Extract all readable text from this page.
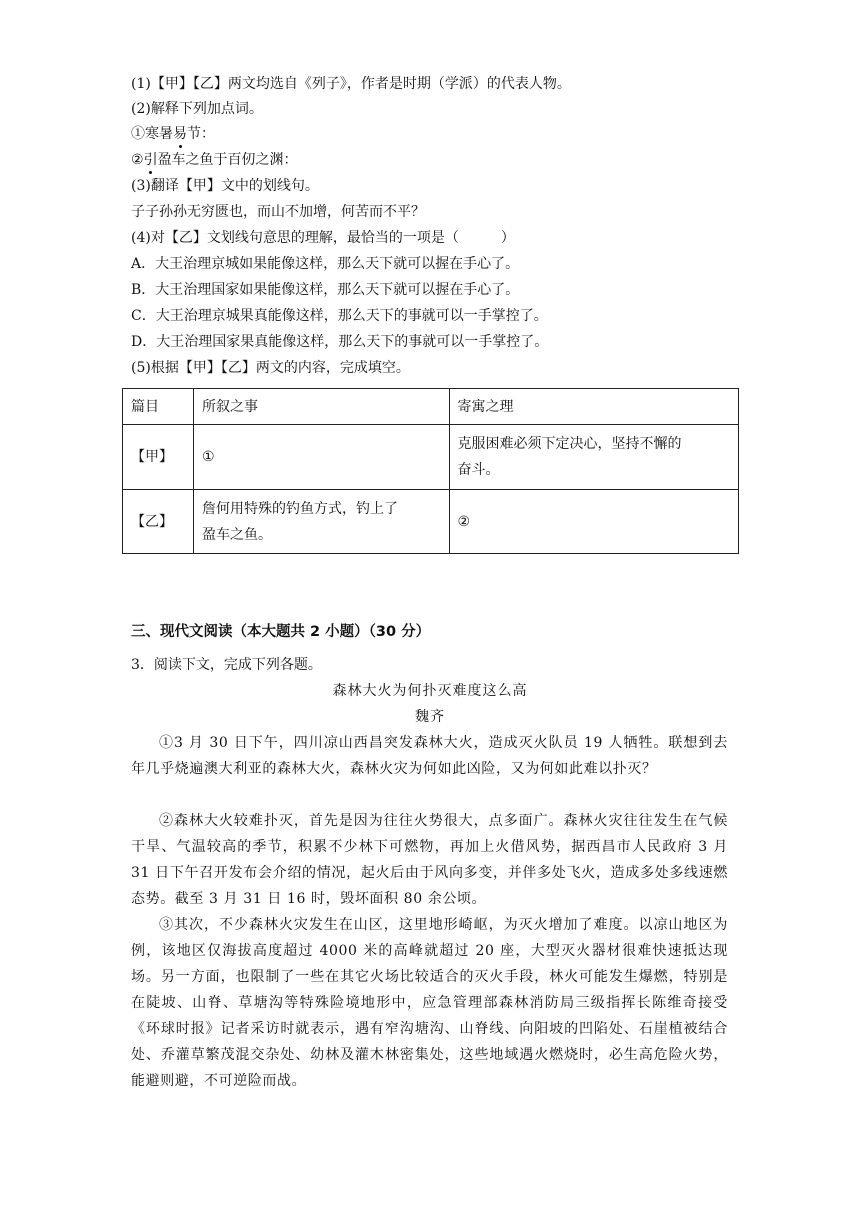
(1)【甲】【乙】两文均选自《列子》，作者是时期（学派）的代表人物。
(2)解释下列加点词。
①寒暑易节：
②引盈车之鱼于百仞之渊：
(3)翻译【甲】文中的划线句。
子子孙孙无穷匮也，而山不加增，何苦而不平？
(4)对【乙】文划线句意思的理解，最恰当的一项是（　　　）
A．大王治理京城如果能像这样，那么天下就可以握在手心了。
B．大王治理国家如果能像这样，那么天下就可以握在手心了。
C．大王治理京城果真能像这样，那么天下的事就可以一手掌控了。
D．大王治理国家果真能像这样，那么天下的事就可以一手掌控了。
(5)根据【甲】【乙】两文的内容，完成填空。
篇目	所叙之事	寄寓之理
【甲】	①	克服困难必须下定决心，坚持不懈的
奋斗。

【乙】	詹何用特殊的钓鱼方式，钓上了
盈车之鱼。	②
三、现代文阅读（本大题共 2 小题）（30 分）
3．阅读下文，完成下列各题。
森林大火为何扑灭难度这么高
魏齐
①3 月 30 日下午，四川凉山西昌突发森林大火，造成灭火队员 19 人牺牲。联想到去年几乎烧遍澳大利亚的森林大火，森林火灾为何如此凶险，又为何如此难以扑灭？
②森林大火较难扑灭，首先是因为往往火势很大，点多面广。森林火灾往往发生在气候干旱、气温较高的季节，积累不少林下可燃物，再加上火借风势，据西昌市人民政府 3 月 31 日下午召开发布会介绍的情况，起火后由于风向多变，并伴多处飞火，造成多处多线速燃态势。截至 3 月 31 日 16 时，毁坏面积 80 余公顷。
③其次，不少森林火灾发生在山区，这里地形崎岖，为灭火增加了难度。以凉山地区为例，该地区仅海拔高度超过 4000 米的高峰就超过 20 座，大型灭火器材很难快速抵达现场。另一方面，也限制了一些在其它火场比较适合的灭火手段，林火可能发生爆燃，特别是在陡坡、山脊、草塘沟等特殊险境地形中，应急管理部森林消防局三级指挥长陈维奇接受《环球时报》记者采访时就表示，遇有窄沟塘沟、山脊线、向阳坡的凹陷处、石崖植被结合处、乔灌草繁茂混交杂处、幼林及灌木林密集处，这些地域遇火燃烧时，必生高危险火势，能避则避，不可逆险而战。
